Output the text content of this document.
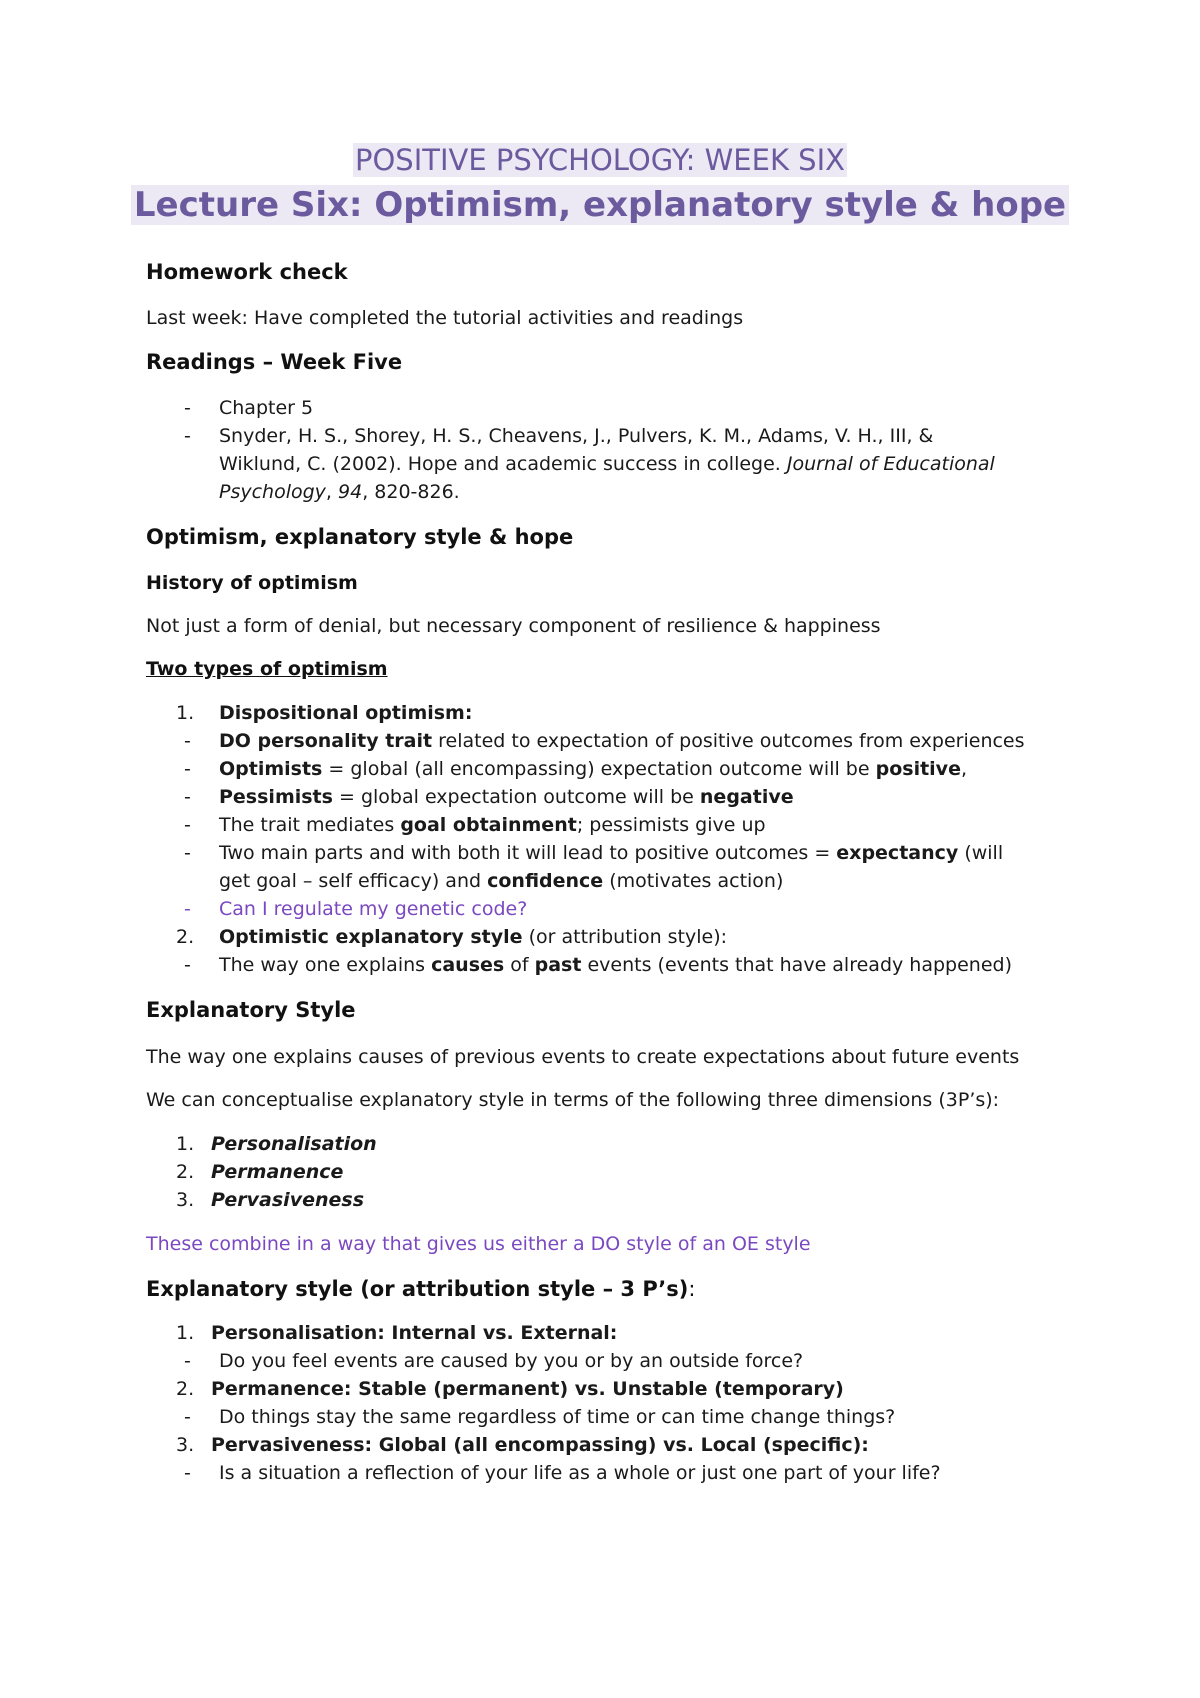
POSITIVE PSYCHOLOGY: WEEK SIX
Lecture Six: Optimism, explanatory style & hope
Homework check
Last week: Have completed the tutorial activities and readings
Readings – Week Five
- Chapter 5
- Snyder, H. S., Shorey, H. S., Cheavens, J., Pulvers, K. M., Adams, V. H., III, &
Wiklund, C. (2002). Hope and academic success in college. Journal of Educational
Psychology, 94, 820-826.
Optimism, explanatory style & hope
History of optimism
Not just a form of denial, but necessary component of resilience & happiness
Two types of optimism
1. Dispositional optimism:
- DO personality trait related to expectation of positive outcomes from experiences
- Optimists = global (all encompassing) expectation outcome will be positive,
- Pessimists = global expectation outcome will be negative
- The trait mediates goal obtainment; pessimists give up
- Two main parts and with both it will lead to positive outcomes = expectancy (will
get goal – self efficacy) and confidence (motivates action)
- Can I regulate my genetic code?
2. Optimistic explanatory style (or attribution style):
- The way one explains causes of past events (events that have already happened)
Explanatory Style
The way one explains causes of previous events to create expectations about future events
We can conceptualise explanatory style in terms of the following three dimensions (3P’s):
1. Personalisation
2. Permanence
3. Pervasiveness
These combine in a way that gives us either a DO style of an OE style
Explanatory style (or attribution style – 3 P’s):
1. Personalisation: Internal vs. External:
- Do you feel events are caused by you or by an outside force?
2. Permanence: Stable (permanent) vs. Unstable (temporary)
- Do things stay the same regardless of time or can time change things?
3. Pervasiveness: Global (all encompassing) vs. Local (specific):
- Is a situation a reflection of your life as a whole or just one part of your life?
